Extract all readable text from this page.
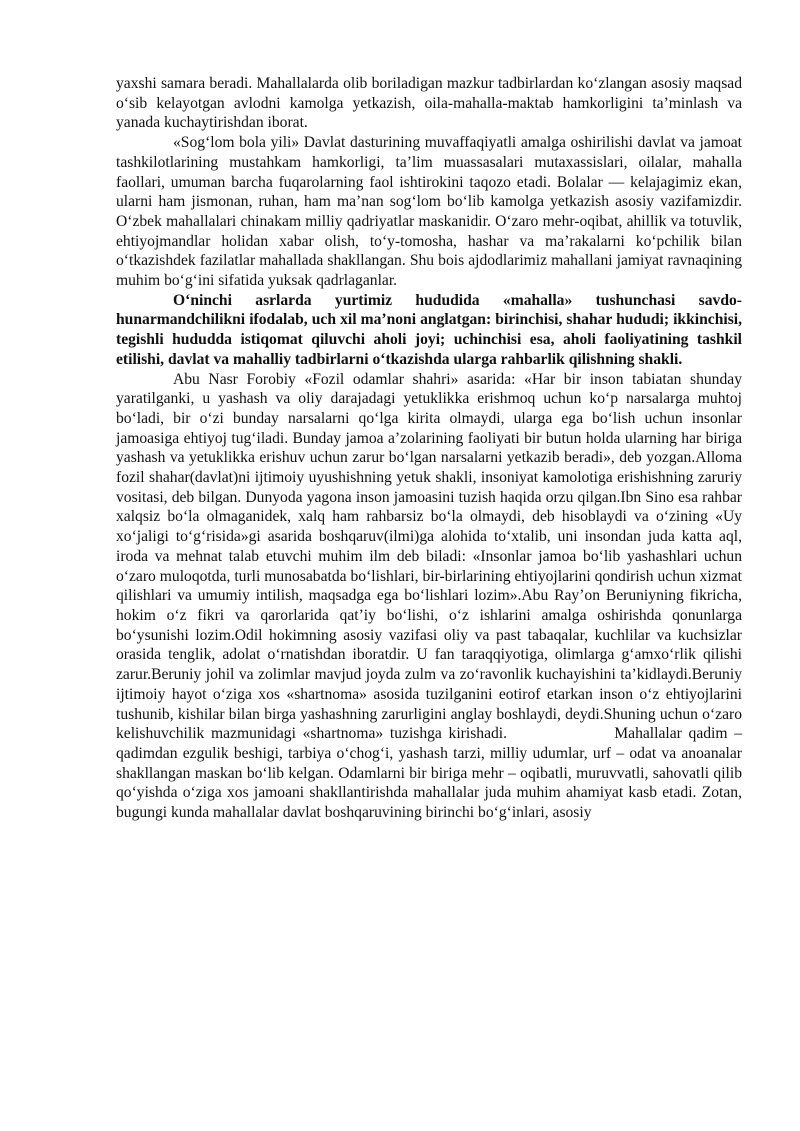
yaxshi samara beradi. Mahallalarda olib boriladigan mazkur tadbirlardan ko‘zlangan asosiy maqsad o‘sib kelayotgan avlodni kamolga yetkazish, oila-mahalla-maktab hamkorligini ta’minlash va yanada kuchaytirishdan iborat.

«Sog‘lom bola yili» Davlat dasturining muvaffaqiyatli amalga oshirilishi davlat va jamoat tashkilotlarining mustahkam hamkorligi, ta’lim muassasalari mutaxassislari, oilalar, mahalla faollari, umuman barcha fuqarolarning faol ishtirokini taqozo etadi. Bolalar — kelajagimiz ekan, ularni ham jismonan, ruhan, ham ma’nan sog‘lom bo‘lib kamolga yetkazish asosiy vazifamizdir. O‘zbek mahallalari chinakam milliy qadriyatlar maskanidir. O‘zaro mehr-oqibat, ahillik va totuvlik, ehtiyojmandlar holidan xabar olish, to‘y-tomosha, hashar va ma’rakalarni ko‘pchilik bilan o‘tkazishdek fazilatlar mahallada shakllangan. Shu bois ajdodlarimiz mahallani jamiyat ravnaqining muhim bo‘g‘ini sifatida yuksak qadrlaganlar.

O‘ninchi asrlarda yurtimiz hududida «mahalla» tushunchasi savdo-hunarmandchilikni ifodalab, uch xil ma’noni anglatgan: birinchisi, shahar hududi; ikkinchisi, tegishli hududda istiqomat qiluvchi aholi joyi; uchinchisi esa, aholi faoliyatining tashkil etilishi, davlat va mahalliy tadbirlarni o‘tkazishda ularga rahbarlik qilishning shakli.

Abu Nasr Forobiy «Fozil odamlar shahri» asarida: «Har bir inson tabiatan shunday yaratilganki, u yashash va oliy darajadagi yetuklikka erishmoq uchun ko‘p narsalarga muhtoj bo‘ladi, bir o‘zi bunday narsalarni qo‘lga kirita olmaydi, ularga ega bo‘lish uchun insonlar jamoasiga ehtiyoj tug‘iladi. Bunday jamoa a’zolarining faoliyati bir butun holda ularning har biriga yashash va yetuklikka erishuv uchun zarur bo‘lgan narsalarni yetkazib beradi», deb yozgan.Alloma fozil shahar(davlat)ni ijtimoiy uyushishning yetuk shakli, insoniyat kamolotiga erishishning zaruriy vositasi, deb bilgan. Dunyoda yagona inson jamoasini tuzish haqida orzu qilgan.Ibn Sino esa rahbar xalqsiz bo‘la olmaganidek, xalq ham rahbarsiz bo‘la olmaydi, deb hisoblaydi va o‘zining «Uy xo‘jaligi to‘g‘risida»gi asarida boshqaruv(ilmi)ga alohida to‘xtalib, uni insondan juda katta aql, iroda va mehnat talab etuvchi muhim ilm deb biladi: «Insonlar jamoa bo‘lib yashashlari uchun o‘zaro muloqotda, turli munosabatda bo‘lishlari, bir-birlarining ehtiyojlarini qondirish uchun xizmat qilishlari va umumiy intilish, maqsadga ega bo‘lishlari lozim».Abu Ray’on Beruniyning fikricha, hokim o‘z fikri va qarorlarida qat’iy bo‘lishi, o‘z ishlarini amalga oshirishda qonunlarga bo‘ysunishi lozim.Odil hokimning asosiy vazifasi oliy va past tabaqalar, kuchlilar va kuchsizlar orasida tenglik, adolat o‘rnatishdan iboratdir. U fan taraqqiyotiga, olimlarga g‘amxo‘rlik qilishi zarur.Beruniy johil va zolimlar mavjud joyda zulm va zo‘ravonlik kuchayishini ta’kidlaydi.Beruniy ijtimoiy hayot o‘ziga xos «shartnoma» asosida tuzilganini eotirof etarkan inson o‘z ehtiyojlarini tushunib, kishilar bilan birga yashashning zarurligini anglay boshlaydi, deydi.Shuning uchun o‘zaro kelishuvchilik mazmunidagi «shartnoma» tuzishga kirishadi.                Mahallalar qadim – qadimdan ezgulik beshigi, tarbiya o‘chog‘i, yashash tarzi, milliy udumlar, urf – odat va anoanalar shakllangan maskan bo‘lib kelgan. Odamlarni bir biriga mehr – oqibatli, muruvvatli, sahovatli qilib qo‘yishda o‘ziga xos jamoani shakllantirishda mahallalar juda muhim ahamiyat kasb etadi. Zotan, bugungi kunda mahallalar davlat boshqaruvining birinchi bo‘g‘inlari, asosiy
